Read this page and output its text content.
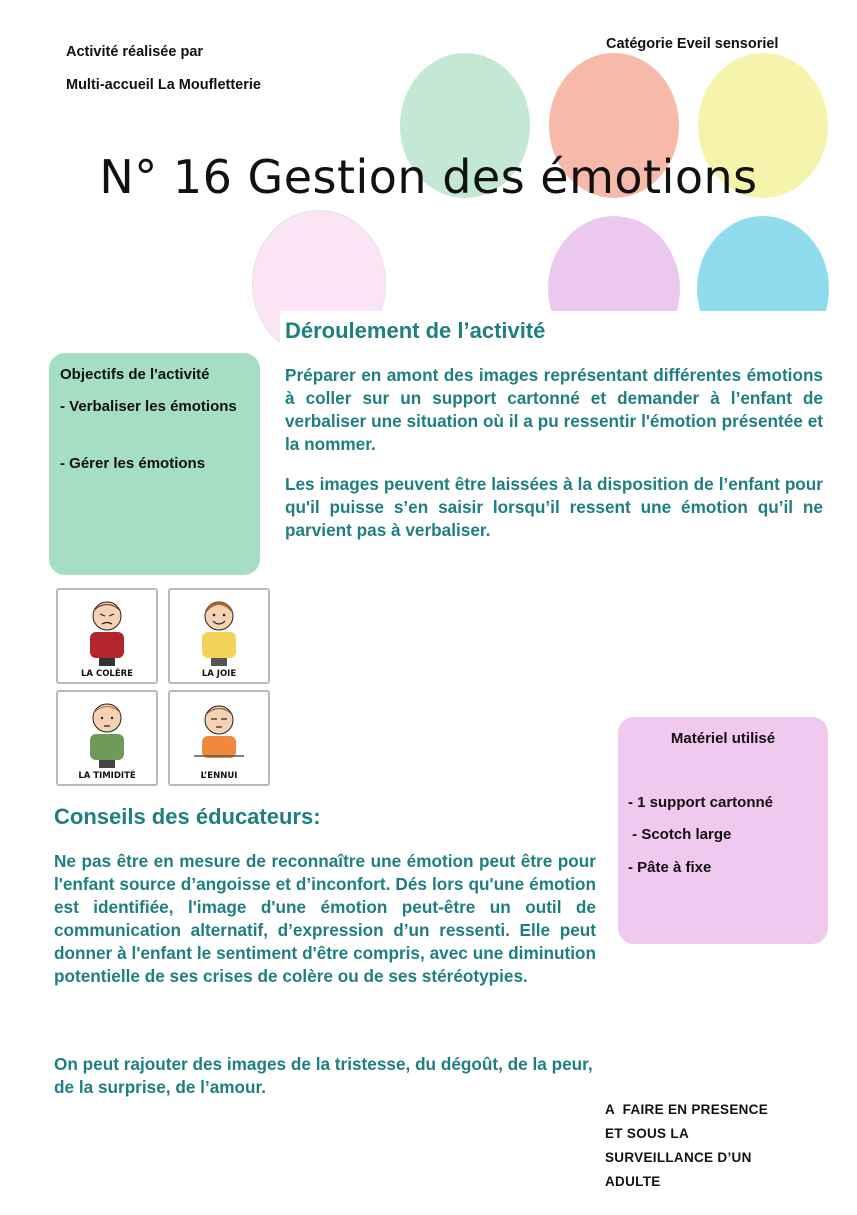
Activité réalisée par
Multi-accueil La Moufletterie
Catégorie Eveil sensoriel
N° 16 Gestion des émotions
Déroulement de l’activité
Préparer en amont des images représentant différentes émotions à coller sur un support cartonné et demander à l’enfant de verbaliser une situation où il a pu ressentir l'émotion présentée et la nommer.
Les images peuvent être laissées à la disposition de l’enfant pour qu'il puisse s’en saisir lorsqu’il ressent une émotion qu’il ne parvient pas à verbaliser.
Objectifs de l'activité
- Verbaliser les émotions
- Gérer les émotions
LA COLÈRE	LA JOIE
LA TIMIDITÉ	L’ENNUI
Conseils des éducateurs:
Ne pas être en mesure de reconnaître une émotion peut être pour l'enfant source d’angoisse et d’inconfort. Dés lors qu'une émotion est identifiée, l'image d'une émotion peut-être un outil de communication alternatif, d’expression d’un ressenti. Elle peut donner à l'enfant le sentiment d'être compris, avec une diminution potentielle de ses crises de colère ou de ses stéréotypies.
On peut rajouter des images de la tristesse, du dégoût, de la peur, de la surprise, de l’amour.
Matériel utilisé
- 1 support cartonné
- Scotch large
- Pâte à fixe
A  FAIRE EN PRESENCE
ET SOUS LA
SURVEILLANCE D’UN
ADULTE
